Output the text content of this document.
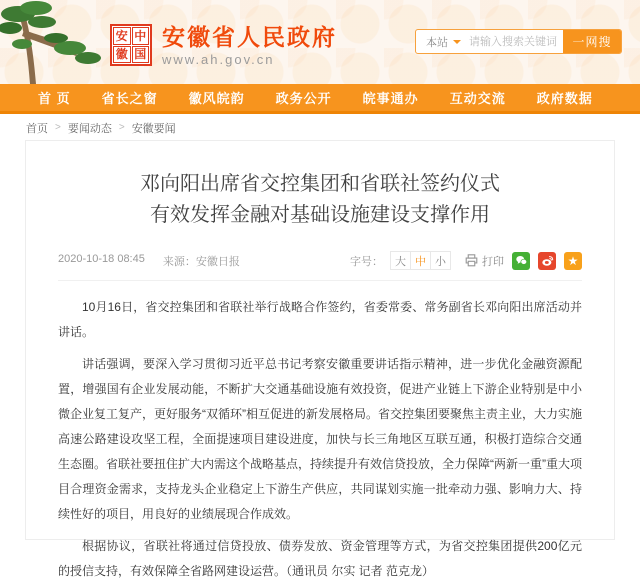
安 中
徽 国
安徽省人民政府
www.ah.gov.cn
本站
请输入搜索关键词	一网搜
首 页 省长之窗 徽风皖韵 政务公开 皖事通办 互动交流 政府数据
首页 > 要闻动态 > 安徽要闻
邓向阳出席省交控集团和省联社签约仪式
有效发挥金融对基础设施建设支撑作用
2020-10-18 08:45 来源：安徽日报	字号：	大 中 小	打印	★

10月16日，省交控集团和省联社举行战略合作签约，省委常委、常务副省长邓向阳出席活动并讲话。

讲话强调，要深入学习贯彻习近平总书记考察安徽重要讲话指示精神，进一步优化金融资源配置，增强国有企业发展动能，不断扩大交通基础设施有效投资，促进产业链上下游企业特别是中小微企业复工复产，更好服务“双循环”相互促进的新发展格局。省交控集团要聚焦主责主业，大力实施高速公路建设攻坚工程，全面提速项目建设进度，加快与长三角地区互联互通，积极打造综合交通生态圈。省联社要扭住扩大内需这个战略基点，持续提升有效信贷投放，全力保障“两新一重”重大项目合理资金需求，支持龙头企业稳定上下游生产供应，共同谋划实施一批牵动力强、影响力大、持续性好的项目，用良好的业绩展现合作成效。

根据协议，省联社将通过信贷投放、债券发放、资金管理等方式，为省交控集团提供200亿元的授信支持，有效保障全省路网建设运营。（通讯员 尔实 记者 范克龙）
